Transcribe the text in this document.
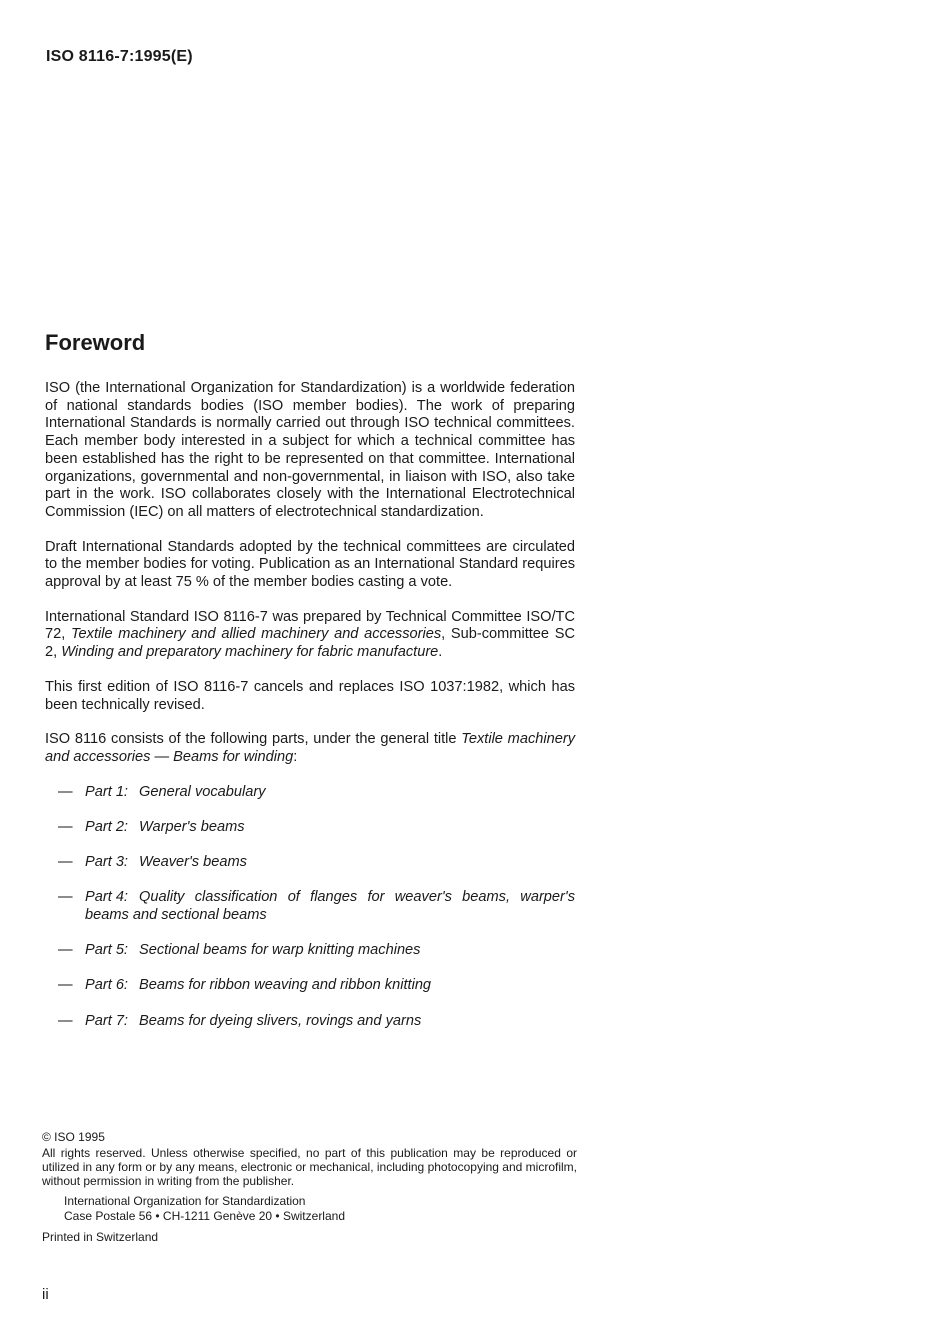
ISO 8116-7:1995(E)
Foreword

ISO (the International Organization for Standardization) is a worldwide federation of national standards bodies (ISO member bodies). The work of preparing International Standards is normally carried out through ISO technical committees. Each member body interested in a subject for which a technical committee has been established has the right to be represented on that committee. International organizations, governmental and non-governmental, in liaison with ISO, also take part in the work. ISO collaborates closely with the International Electrotechnical Commission (IEC) on all matters of electrotechnical standardization.

Draft International Standards adopted by the technical committees are circulated to the member bodies for voting. Publication as an International Standard requires approval by at least 75 % of the member bodies casting a vote.

International Standard ISO 8116-7 was prepared by Technical Committee ISO/TC 72, Textile machinery and allied machinery and accessories, Sub-committee SC 2, Winding and preparatory machinery for fabric manufacture.

This first edition of ISO 8116-7 cancels and replaces ISO 1037:1982, which has been technically revised.

ISO 8116 consists of the following parts, under the general title Textile machinery and accessories — Beams for winding:

— Part 1: General vocabulary
— Part 2: Warper's beams
— Part 3: Weaver's beams
— Part 4: Quality classification of flanges for weaver's beams, warper's beams and sectional beams
— Part 5: Sectional beams for warp knitting machines
— Part 6: Beams for ribbon weaving and ribbon knitting
— Part 7: Beams for dyeing slivers, rovings and yarns

© ISO 1995

All rights reserved. Unless otherwise specified, no part of this publication may be reproduced or utilized in any form or by any means, electronic or mechanical, including photocopying and microfilm, without permission in writing from the publisher.

International Organization for Standardization

Case Postale 56 • CH-1211 Genève 20 • Switzerland

Printed in Switzerland

ii
